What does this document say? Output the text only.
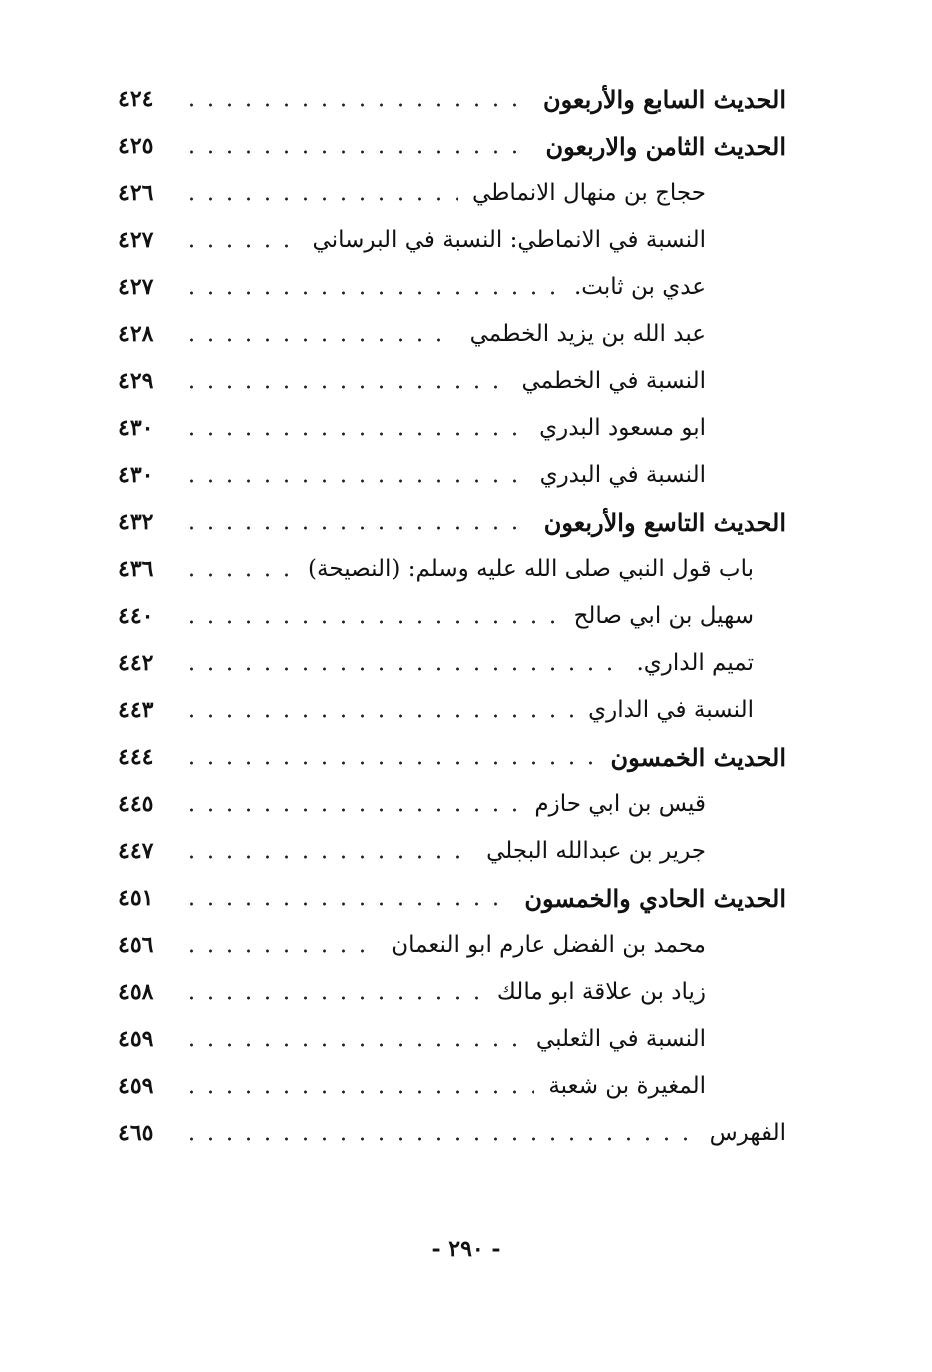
الحديث السابع والأربعون
٤٢٤
الحديث الثامن والاربعون
٤٢٥
حجاج بن منهال الانماطي
٤٢٦
النسبة في الانماطي: النسبة في البرساني
٤٢٧
عدي بن ثابت.
٤٢٧
عبد الله بن يزيد الخطمي
٤٢٨
النسبة في الخطمي
٤٢٩
ابو مسعود البدري
٤٣٠
النسبة في البدري
٤٣٠
الحديث التاسع والأربعون
٤٣٢
باب قول النبي صلى الله عليه وسلم: (النصيحة)
٤٣٦
سهيل بن ابي صالح
٤٤٠
تميم الداري.
٤٤٢
النسبة في الداري
٤٤٣
الحديث الخمسون
٤٤٤
قيس بن ابي حازم
٤٤٥
جرير بن عبدالله البجلي
٤٤٧
الحديث الحادي والخمسون
٤٥١
محمد بن الفضل عارم ابو النعمان
٤٥٦
زياد بن علاقة ابو مالك
٤٥٨
النسبة في الثعلبي
٤٥٩
المغيرة بن شعبة
٤٥٩
الفهرس
٤٦٥
- ٢٩٠ -
